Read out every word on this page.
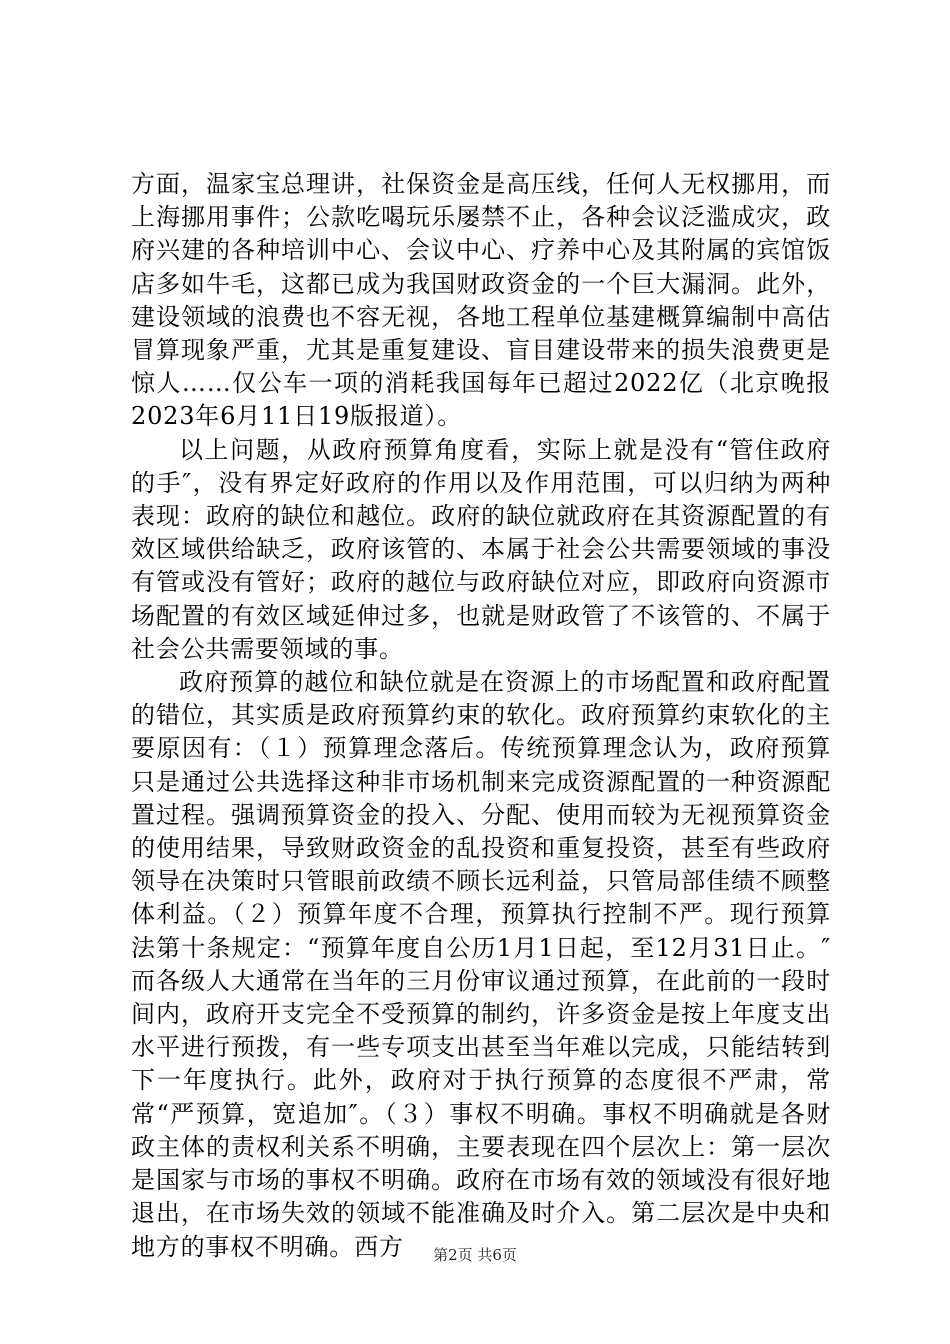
方面，温家宝总理讲，社保资金是高压线，任何人无权挪用，而上海挪用事件；公款吃喝玩乐屡禁不止，各种会议泛滥成灾，政府兴建的各种培训中心、会议中心、疗养中心及其附属的宾馆饭店多如牛毛，这都已成为我国财政资金的一个巨大漏洞。此外，建设领域的浪费也不容无视，各地工程单位基建概算编制中高估冒算现象严重，尤其是重复建设、盲目建设带来的损失浪费更是惊人……仅公车一项的消耗我国每年已超过2022亿（北京晚报2023年6月11日19版报道）。

以上问题，从政府预算角度看，实际上就是没有“管住政府的手″，没有界定好政府的作用以及作用范围，可以归纳为两种表现：政府的缺位和越位。政府的缺位就政府在其资源配置的有效区域供给缺乏，政府该管的、本属于社会公共需要领域的事没有管或没有管好；政府的越位与政府缺位对应，即政府向资源市场配置的有效区域延伸过多，也就是财政管了不该管的、不属于社会公共需要领域的事。

政府预算的越位和缺位就是在资源上的市场配置和政府配置的错位，其实质是政府预算约束的软化。政府预算约束软化的主要原因有：（１）预算理念落后。传统预算理念认为，政府预算只是通过公共选择这种非市场机制来完成资源配置的一种资源配置过程。强调预算资金的投入、分配、使用而较为无视预算资金的使用结果，导致财政资金的乱投资和重复投资，甚至有些政府领导在决策时只管眼前政绩不顾长远利益，只管局部佳绩不顾整体利益。（２）预算年度不合理，预算执行控制不严。现行预算法第十条规定：“预算年度自公历1月1日起，至12月31日止。″而各级人大通常在当年的三月份审议通过预算，在此前的一段时间内，政府开支完全不受预算的制约，许多资金是按上年度支出水平进行预拨，有一些专项支出甚至当年难以完成，只能结转到下一年度执行。此外，政府对于执行预算的态度很不严肃，常常“严预算，宽追加″。（３）事权不明确。事权不明确就是各财政主体的责权利关系不明确，主要表现在四个层次上：第一层次是国家与市场的事权不明确。政府在市场有效的领域没有很好地退出，在市场失效的领域不能准确及时介入。第二层次是中央和地方的事权不明确。西方	第2页 共6页
